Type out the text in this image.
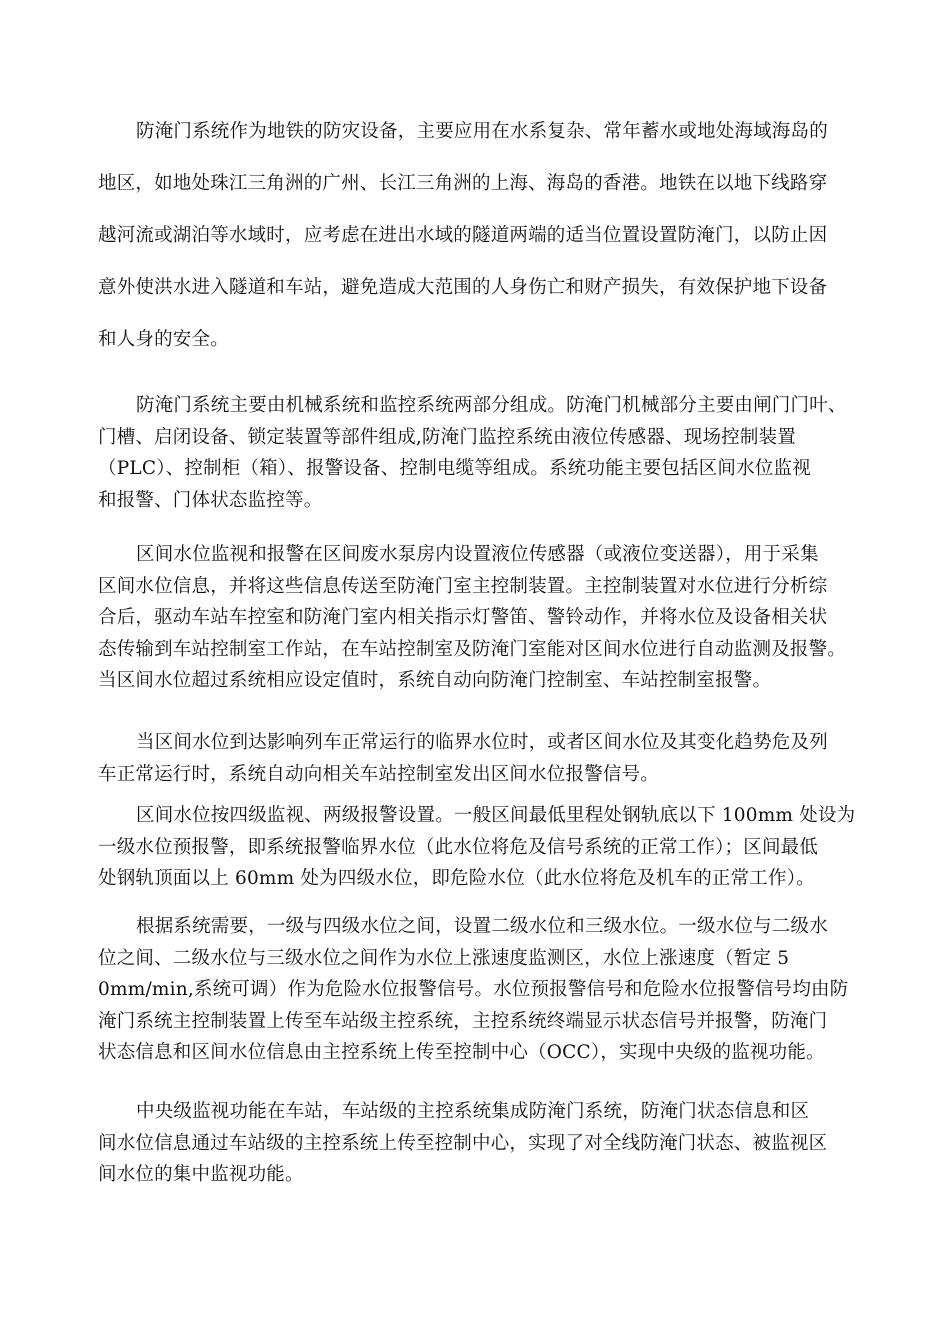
防淹门系统作为地铁的防灾设备，主要应用在水系复杂、常年蓄水或地处海域海岛的
地区，如地处珠江三角洲的广州、长江三角洲的上海、海岛的香港。地铁在以地下线路穿
越河流或湖泊等水域时，应考虑在进出水域的隧道两端的适当位置设置防淹门，以防止因
意外使洪水进入隧道和车站，避免造成大范围的人身伤亡和财产损失，有效保护地下设备
和人身的安全。
防淹门系统主要由机械系统和监控系统两部分组成。防淹门机械部分主要由闸门门叶、
门槽、启闭设备、锁定装置等部件组成,防淹门监控系统由液位传感器、现场控制装置
（PLC）、控制柜（箱）、报警设备、控制电缆等组成。系统功能主要包括区间水位监视
和报警、门体状态监控等。
区间水位监视和报警在区间废水泵房内设置液位传感器（或液位变送器），用于采集
区间水位信息，并将这些信息传送至防淹门室主控制装置。主控制装置对水位进行分析综
合后，驱动车站车控室和防淹门室内相关指示灯警笛、警铃动作，并将水位及设备相关状
态传输到车站控制室工作站，在车站控制室及防淹门室能对区间水位进行自动监测及报警。
当区间水位超过系统相应设定值时，系统自动向防淹门控制室、车站控制室报警。
当区间水位到达影响列车正常运行的临界水位时，或者区间水位及其变化趋势危及列
车正常运行时，系统自动向相关车站控制室发出区间水位报警信号。
区间水位按四级监视、两级报警设置。一般区间最低里程处钢轨底以下 100mm 处设为
一级水位预报警，即系统报警临界水位（此水位将危及信号系统的正常工作）；区间最低
处钢轨顶面以上 60mm 处为四级水位，即危险水位（此水位将危及机车的正常工作）。
根据系统需要，一级与四级水位之间，设置二级水位和三级水位。一级水位与二级水
位之间、二级水位与三级水位之间作为水位上涨速度监测区，水位上涨速度（暂定 5
0mm/min,系统可调）作为危险水位报警信号。水位预报警信号和危险水位报警信号均由防
淹门系统主控制装置上传至车站级主控系统，主控系统终端显示状态信号并报警，防淹门
状态信息和区间水位信息由主控系统上传至控制中心（OCC），实现中央级的监视功能。
中央级监视功能在车站，车站级的主控系统集成防淹门系统，防淹门状态信息和区
间水位信息通过车站级的主控系统上传至控制中心，实现了对全线防淹门状态、被监视区
间水位的集中监视功能。
